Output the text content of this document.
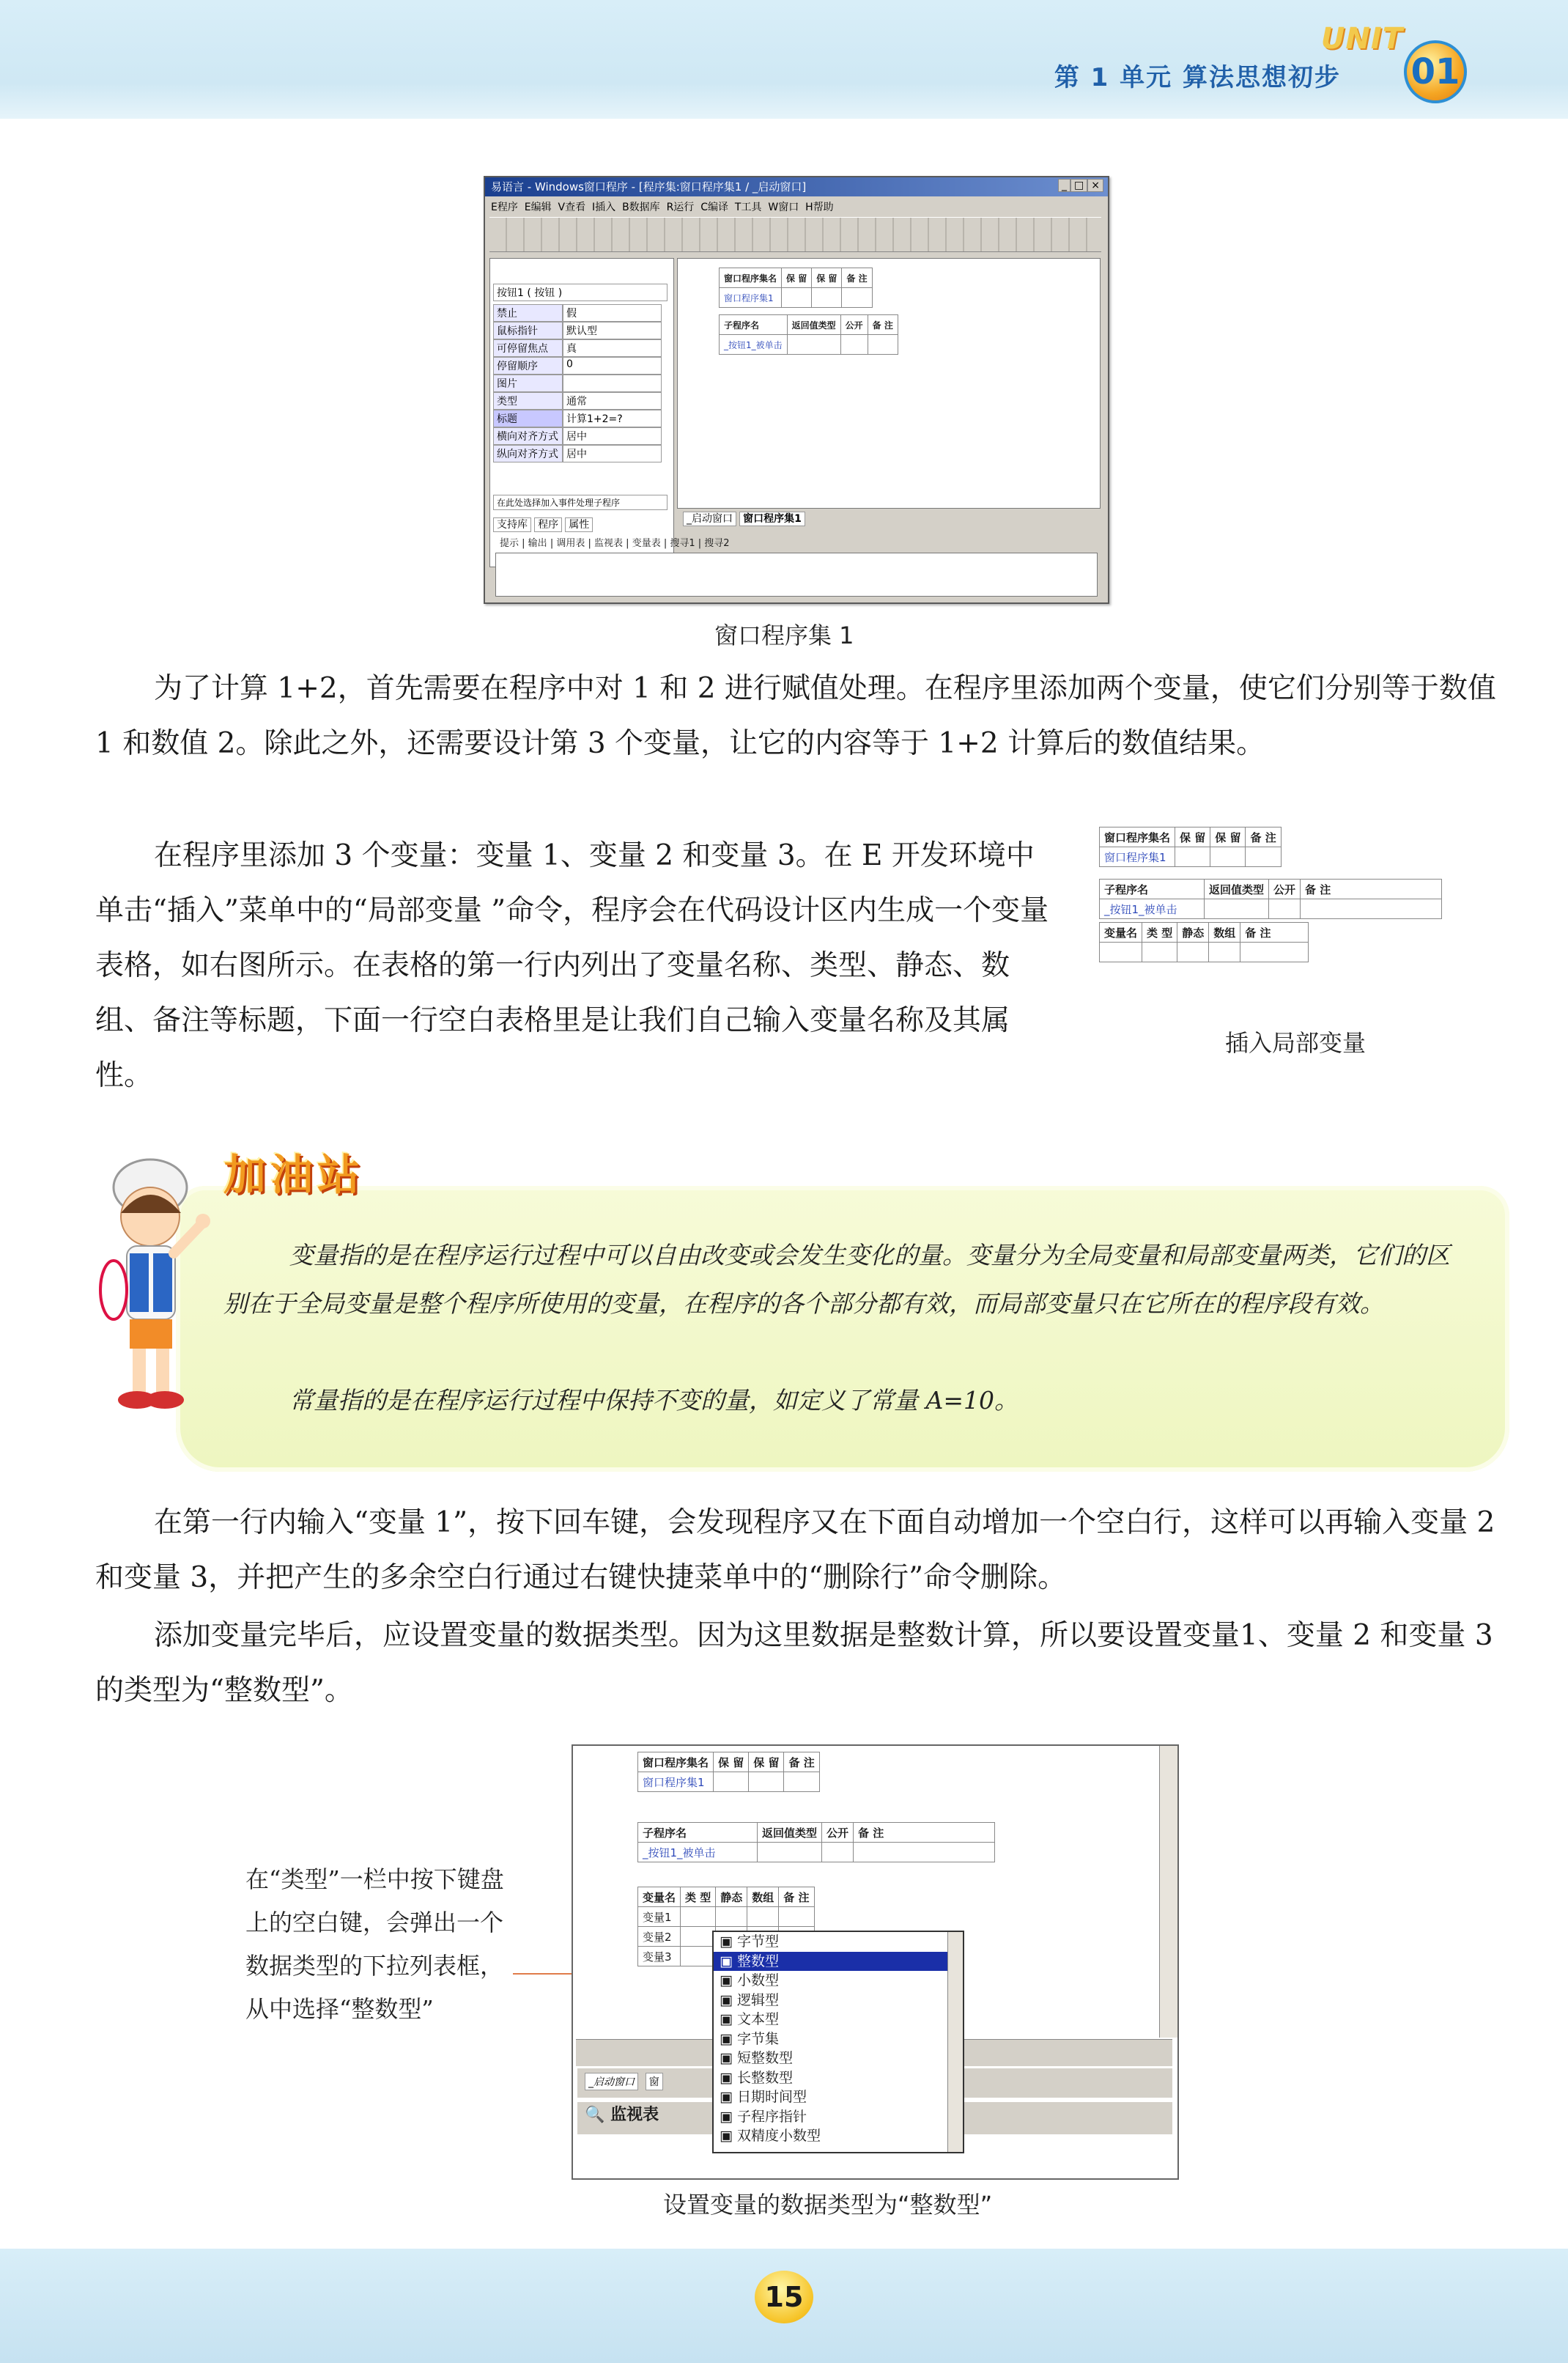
第 1 单元 算法思想初步
UNIT
01
易语言 - Windows窗口程序 - [程序集:窗口程序集1 / _启动窗口]	_ □ ×
E程序 E编辑 V查看 I插入 B数据库 R运行 C编译 T工具 W窗口 H帮助
按钮1 ( 按钮 )
禁止	假
鼠标指针	默认型
可停留焦点	真
停留顺序	0
图片
类型	通常
标题	计算1+2=?
横向对齐方式 居中
纵向对齐方式 居中
在此处选择加入事件处理子程序
支持库 程序 属性
窗口程序集名	保 留	保 留	备 注
窗口程序集1			
子程序名	返回值类型	公开	备 注
_按钮1_被单击			
_启动窗口 窗口程序集1
提示 | 输出 | 调用表 | 监视表 | 变量表 | 搜寻1 | 搜寻2
窗口程序集 1
为了计算 1+2，首先需要在程序中对 1 和 2 进行赋值处理。在程序里添加两个变量，使它们分别等于数值 1 和数值 2。除此之外，还需要设计第 3 个变量，让它的内容等于 1+2 计算后的数值结果。
在程序里添加 3 个变量：变量 1、变量 2 和变量 3。在 E 开发环境中单击“插入”菜单中的“局部变量 ”命令，程序会在代码设计区内生成一个变量表格，如右图所示。在表格的第一行内列出了变量名称、类型、静态、数组、备注等标题，下面一行空白表格里是让我们自己输入变量名称及其属性。
窗口程序集名	保 留	保 留	备 注
窗口程序集1			
子程序名	返回值类型	公开	备 注
_按钮1_被单击			
变量名	类 型	静态	数组	备 注

插入局部变量
加油站
变量指的是在程序运行过程中可以自由改变或会发生变化的量。变量分为全局变量和局部变量两类，它们的区别在于全局变量是整个程序所使用的变量，在程序的各个部分都有效，而局部变量只在它所在的程序段有效。
常量指的是在程序运行过程中保持不变的量，如定义了常量 A=10。
在第一行内输入“变量 1”，按下回车键，会发现程序又在下面自动增加一个空白行，这样可以再输入变量 2 和变量 3，并把产生的多余空白行通过右键快捷菜单中的“删除行”命令删除。
添加变量完毕后，应设置变量的数据类型。因为这里数据是整数计算，所以要设置变量1、变量 2 和变量 3 的类型为“整数型”。
在“类型”一栏中按下键盘上的空白键，会弹出一个数据类型的下拉列表框，从中选择“整数型”
窗口程序集名	保 留	保 留	备 注
窗口程序集1			
子程序名	返回值类型	公开	备 注
_按钮1_被单击			
变量名	类 型	静态	数组	备 注
变量1				
变量2				
变量3				
_启动窗口 窗
🔍 监视表
▣ 字节型
▣ 整数型
▣ 小数型
▣ 逻辑型
▣ 文本型
▣ 字节集
▣ 短整数型
▣ 长整数型
▣ 日期时间型
▣ 子程序指针
▣ 双精度小数型
设置变量的数据类型为“整数型”
15
